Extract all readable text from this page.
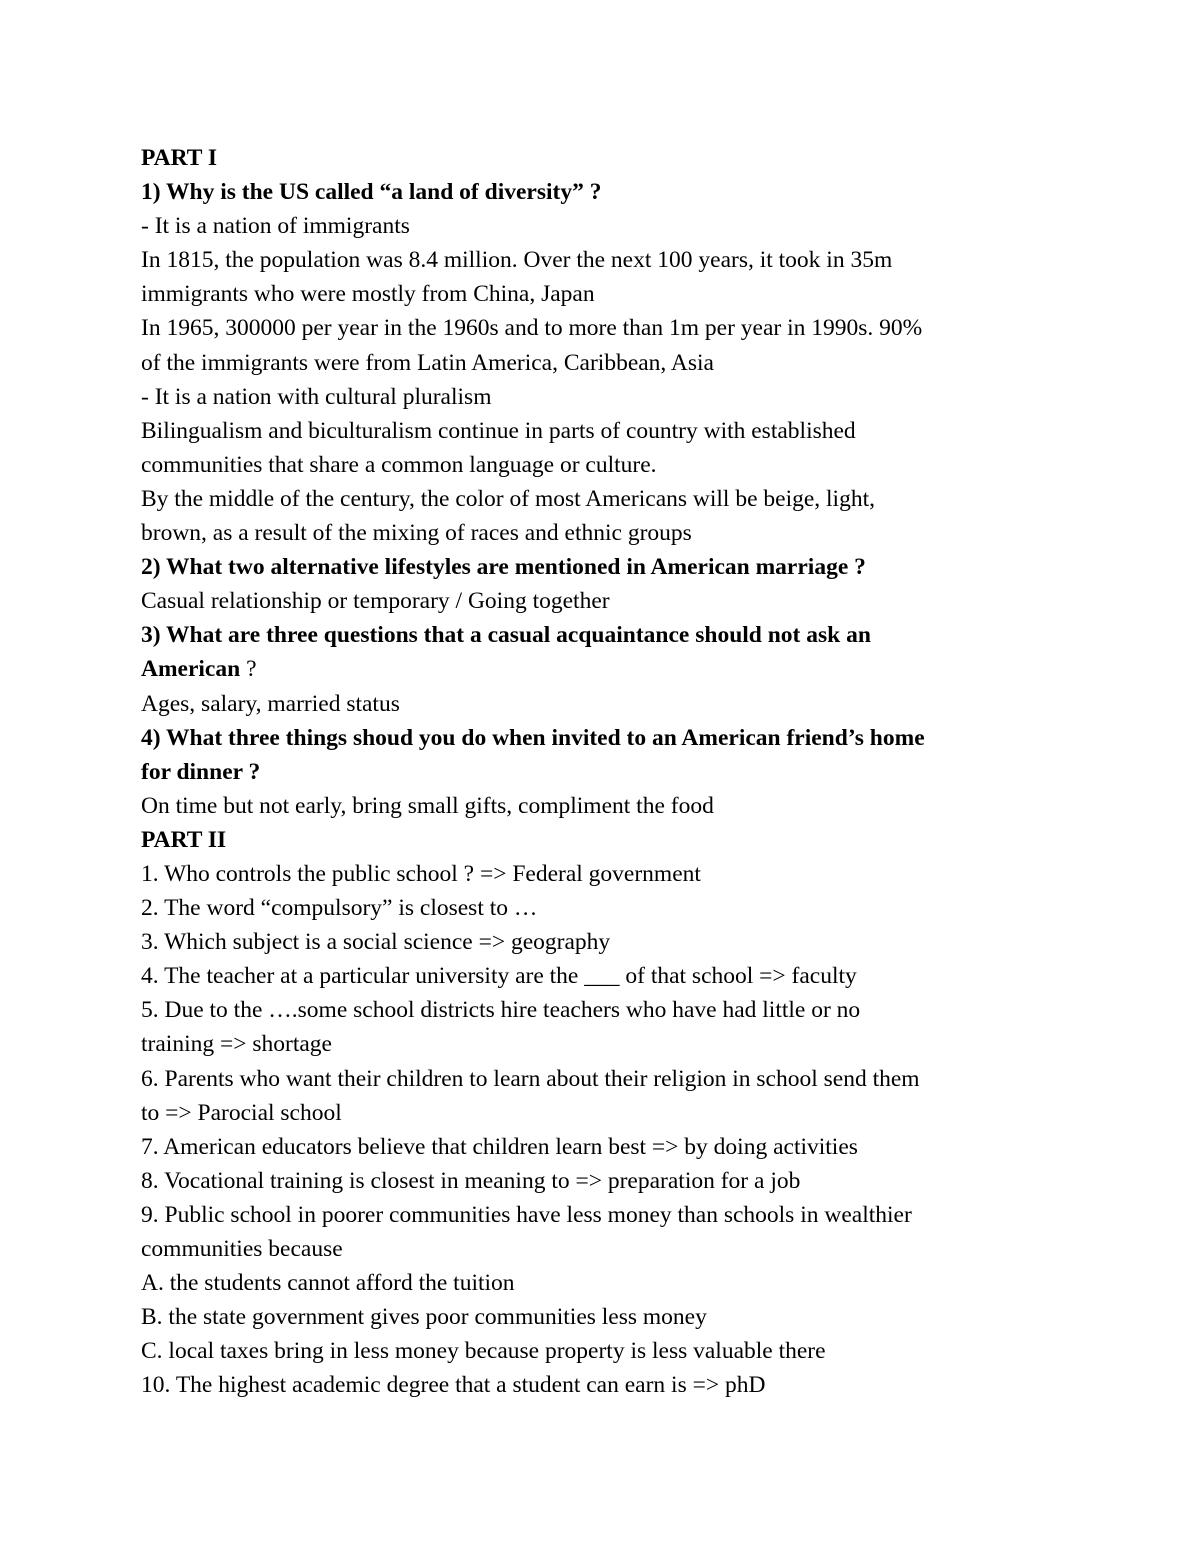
PART I
1) Why is the US called “a land of diversity” ?
- It is a nation of immigrants
In 1815, the population was 8.4 million. Over the next 100 years, it took in 35m
immigrants who were mostly from China, Japan
In 1965, 300000 per year in the 1960s and to more than 1m per year in 1990s. 90%
of the immigrants were from Latin America, Caribbean, Asia
- It is a nation with cultural pluralism
Bilingualism and biculturalism continue in parts of country with established
communities that share a common language or culture.
By the middle of the century, the color of most Americans will be beige, light,
brown, as a result of the mixing of races and ethnic groups
2) What two alternative lifestyles are mentioned in American marriage ?
Casual relationship or temporary / Going together
3) What are three questions that a casual acquaintance should not ask an
American ?
Ages, salary, married status
4) What three things shoud you do when invited to an American friend’s home
for dinner ?
On time but not early, bring small gifts, compliment the food
PART II
1. Who controls the public school ? => Federal government
2. The word “compulsory” is closest to …
3. Which subject is a social science => geography
4. The teacher at a particular university are the ___ of that school => faculty
5. Due to the ….some school districts hire teachers who have had little or no
training => shortage
6. Parents who want their children to learn about their religion in school send them
to => Parocial school
7. American educators believe that children learn best => by doing activities
8. Vocational training is closest in meaning to => preparation for a job
9. Public school in poorer communities have less money than schools in wealthier
communities because
A. the students cannot afford the tuition
B. the state government gives poor communities less money
C. local taxes bring in less money because property is less valuable there
10. The highest academic degree that a student can earn is => phD
